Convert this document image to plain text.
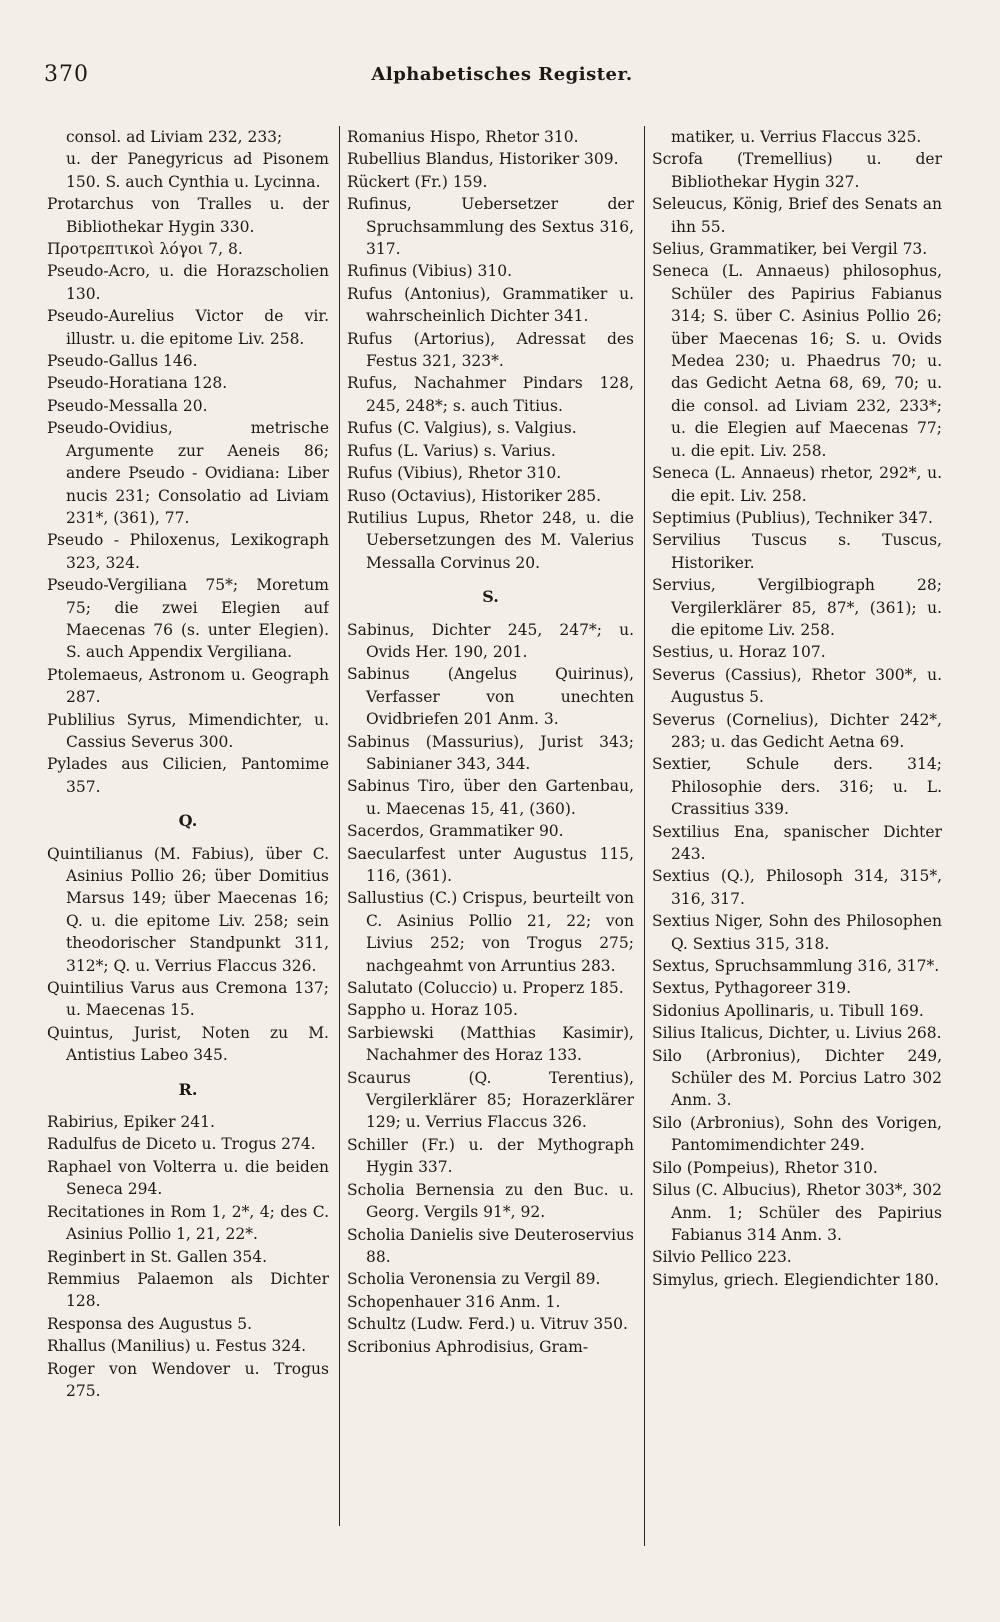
370	Alphabetisches Register.
consol. ad Liviam 232, 233;
u. der Panegyricus ad Pisonem 150. S. auch Cynthia u. Lycinna.
Protarchus von Tralles u. der Bibliothekar Hygin 330.
Προτρεπτικοὶ λόγοι 7, 8.
Pseudo-Acro, u. die Horazscholien 130.
Pseudo-Aurelius Victor de vir. illustr. u. die epitome Liv. 258.
Pseudo-Gallus 146.
Pseudo-Horatiana 128.
Pseudo-Messalla 20.
Pseudo-Ovidius, metrische Argumente zur Aeneis 86; andere Pseudo - Ovidiana: Liber nucis 231; Consolatio ad Liviam 231*, (361), 77.
Pseudo - Philoxenus, Lexikograph 323, 324.
Pseudo-Vergiliana 75*; Moretum 75; die zwei Elegien auf Maecenas 76 (s. unter Elegien). S. auch Appendix Vergiliana.
Ptolemaeus, Astronom u. Geograph 287.
Publilius Syrus, Mimendichter, u. Cassius Severus 300.
Pylades aus Cilicien, Pantomime 357.
Q.
Quintilianus (M. Fabius), über C. Asinius Pollio 26; über Domitius Marsus 149; über Maecenas 16; Q. u. die epitome Liv. 258; sein theodorischer Standpunkt 311, 312*; Q. u. Verrius Flaccus 326.
Quintilius Varus aus Cremona 137; u. Maecenas 15.
Quintus, Jurist, Noten zu M. Antistius Labeo 345.
R.
Rabirius, Epiker 241.
Radulfus de Diceto u. Trogus 274.
Raphael von Volterra u. die beiden Seneca 294.
Recitationes in Rom 1, 2*, 4; des C. Asinius Pollio 1, 21, 22*.
Reginbert in St. Gallen 354.
Remmius Palaemon als Dichter 128.
Responsa des Augustus 5.
Rhallus (Manilius) u. Festus 324.
Roger von Wendover u. Trogus 275.
Romanius Hispo, Rhetor 310.
Rubellius Blandus, Historiker 309.
Rückert (Fr.) 159.
Rufinus, Uebersetzer der Spruchsammlung des Sextus 316, 317.
Rufinus (Vibius) 310.
Rufus (Antonius), Grammatiker u. wahrscheinlich Dichter 341.
Rufus (Artorius), Adressat des Festus 321, 323*.
Rufus, Nachahmer Pindars 128, 245, 248*; s. auch Titius.
Rufus (C. Valgius), s. Valgius.
Rufus (L. Varius) s. Varius.
Rufus (Vibius), Rhetor 310.
Ruso (Octavius), Historiker 285.
Rutilius Lupus, Rhetor 248, u. die Uebersetzungen des M. Valerius Messalla Corvinus 20.
S.
Sabinus, Dichter 245, 247*; u. Ovids Her. 190, 201.
Sabinus (Angelus Quirinus), Verfasser von unechten Ovidbriefen 201 Anm. 3.
Sabinus (Massurius), Jurist 343; Sabinianer 343, 344.
Sabinus Tiro, über den Gartenbau, u. Maecenas 15, 41, (360).
Sacerdos, Grammatiker 90.
Saecularfest unter Augustus 115, 116, (361).
Sallustius (C.) Crispus, beurteilt von C. Asinius Pollio 21, 22; von Livius 252; von Trogus 275; nachgeahmt von Arruntius 283.
Salutato (Coluccio) u. Properz 185.
Sappho u. Horaz 105.
Sarbiewski (Matthias Kasimir), Nachahmer des Horaz 133.
Scaurus (Q. Terentius), Vergilerklärer 85; Horazerklärer 129; u. Verrius Flaccus 326.
Schiller (Fr.) u. der Mythograph Hygin 337.
Scholia Bernensia zu den Buc. u. Georg. Vergils 91*, 92.
Scholia Danielis sive Deuteroservius 88.
Scholia Veronensia zu Vergil 89.
Schopenhauer 316 Anm. 1.
Schultz (Ludw. Ferd.) u. Vitruv 350.
Scribonius Aphrodisius, Gram-
matiker, u. Verrius Flaccus 325.
Scrofa (Tremellius) u. der Bibliothekar Hygin 327.
Seleucus, König, Brief des Senats an ihn 55.
Selius, Grammatiker, bei Vergil 73.
Seneca (L. Annaeus) philosophus, Schüler des Papirius Fabianus 314; S. über C. Asinius Pollio 26; über Maecenas 16; S. u. Ovids Medea 230; u. Phaedrus 70; u. das Gedicht Aetna 68, 69, 70; u. die consol. ad Liviam 232, 233*; u. die Elegien auf Maecenas 77; u. die epit. Liv. 258.
Seneca (L. Annaeus) rhetor, 292*, u. die epit. Liv. 258.
Septimius (Publius), Techniker 347.
Servilius Tuscus s. Tuscus, Historiker.
Servius, Vergilbiograph 28; Vergilerklärer 85, 87*, (361); u. die epitome Liv. 258.
Sestius, u. Horaz 107.
Severus (Cassius), Rhetor 300*, u. Augustus 5.
Severus (Cornelius), Dichter 242*, 283; u. das Gedicht Aetna 69.
Sextier, Schule ders. 314; Philosophie ders. 316; u. L. Crassitius 339.
Sextilius Ena, spanischer Dichter 243.
Sextius (Q.), Philosoph 314, 315*, 316, 317.
Sextius Niger, Sohn des Philosophen Q. Sextius 315, 318.
Sextus, Spruchsammlung 316, 317*.
Sextus, Pythagoreer 319.
Sidonius Apollinaris, u. Tibull 169.
Silius Italicus, Dichter, u. Livius 268.
Silo (Arbronius), Dichter 249, Schüler des M. Porcius Latro 302 Anm. 3.
Silo (Arbronius), Sohn des Vorigen, Pantomimendichter 249.
Silo (Pompeius), Rhetor 310.
Silus (C. Albucius), Rhetor 303*, 302 Anm. 1; Schüler des Papirius Fabianus 314 Anm. 3.
Silvio Pellico 223.
Simylus, griech. Elegiendichter 180.
